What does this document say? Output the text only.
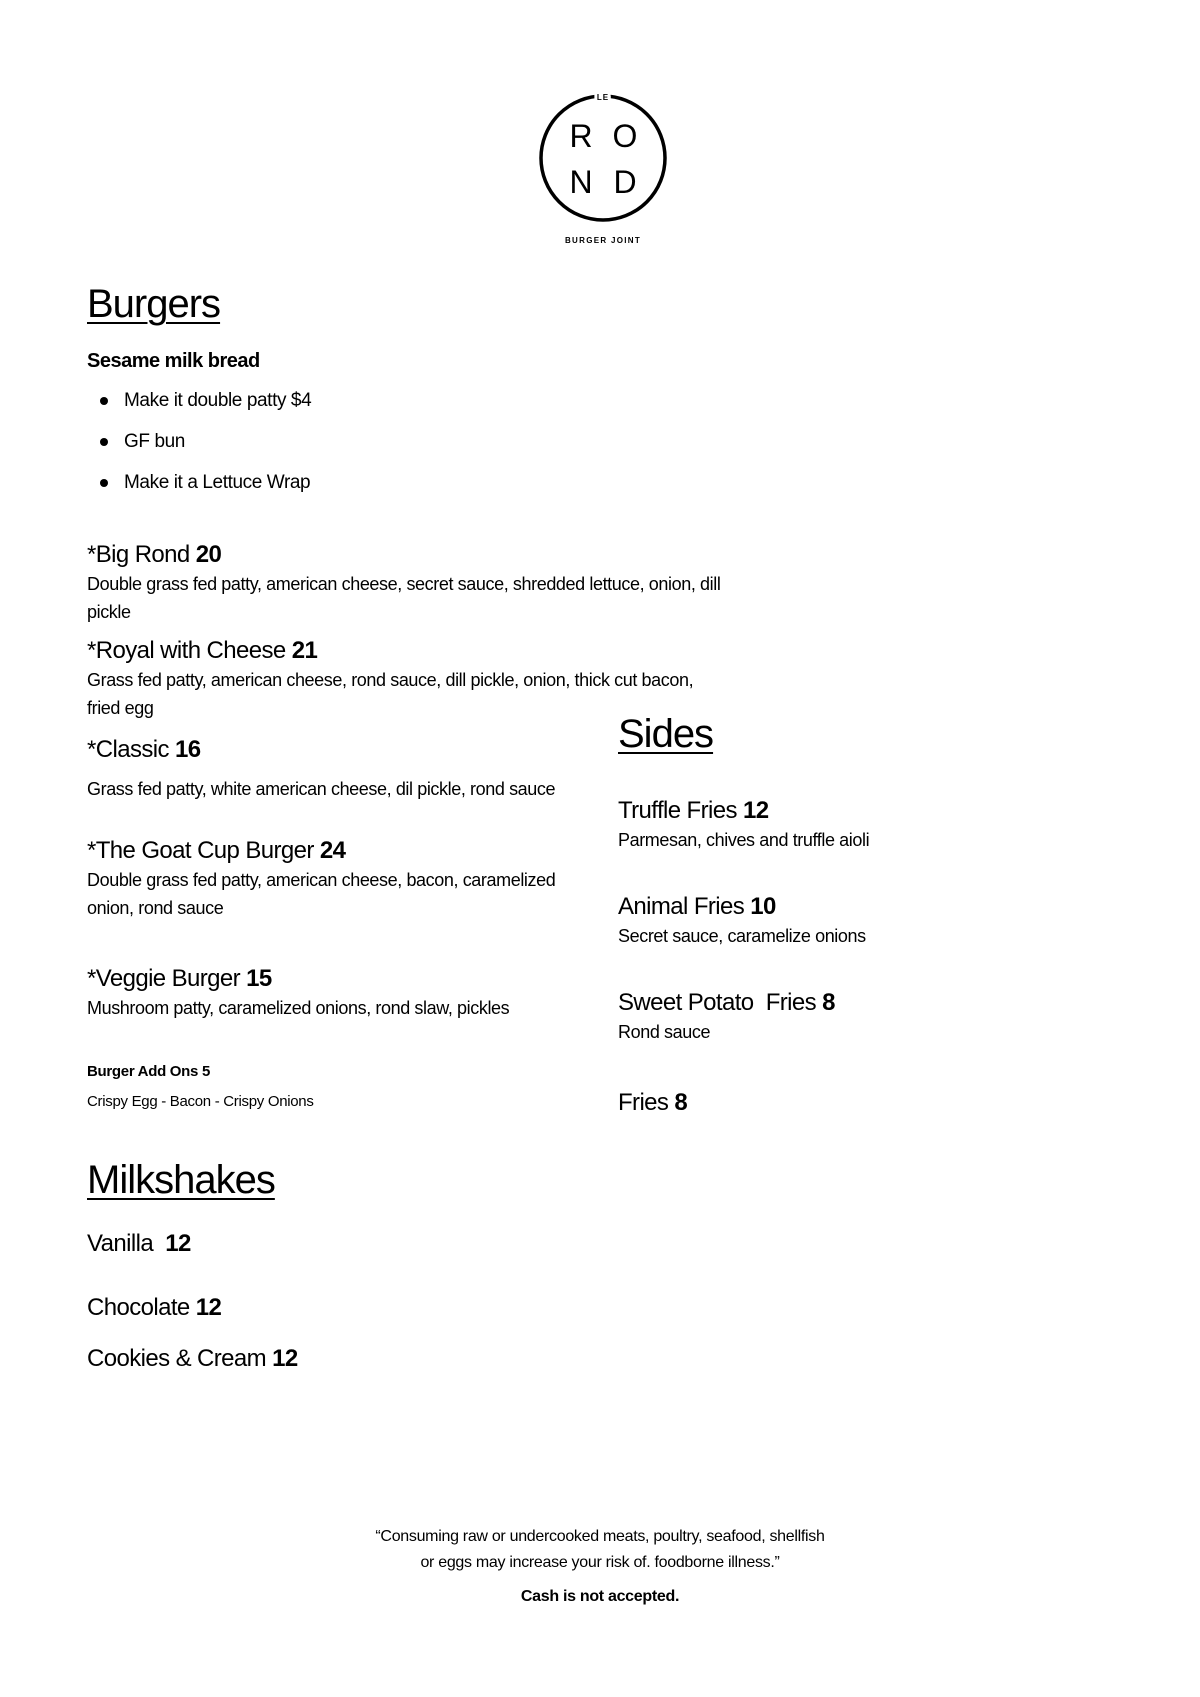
LE
R O
N D
BURGER JOINT
Burgers
Sesame milk bread
Make it double patty $4
GF bun
Make it a Lettuce Wrap
*Big Rond 20
Double grass fed patty, american cheese, secret sauce, shredded lettuce, onion, dill pickle
*Royal with Cheese 21
Grass fed patty, american cheese, rond sauce, dill pickle, onion, thick cut bacon, fried egg
*Classic 16
Grass fed patty, white american cheese, dil pickle, rond sauce
*The Goat Cup Burger 24
Double grass fed patty, american cheese, bacon, caramelized onion, rond sauce
*Veggie Burger 15
Mushroom patty, caramelized onions, rond slaw, pickles
Burger Add Ons 5
Crispy Egg - Bacon - Crispy Onions
Sides
Truffle Fries 12
Parmesan, chives and truffle aioli
Animal Fries 10
Secret sauce, caramelize onions
Sweet Potato  Fries 8
Rond sauce
Fries 8
Milkshakes
Vanilla  12
Chocolate 12
Cookies & Cream 12
“Consuming raw or undercooked meats, poultry, seafood, shellfish
or eggs may increase your risk of. foodborne illness.”
Cash is not accepted.
